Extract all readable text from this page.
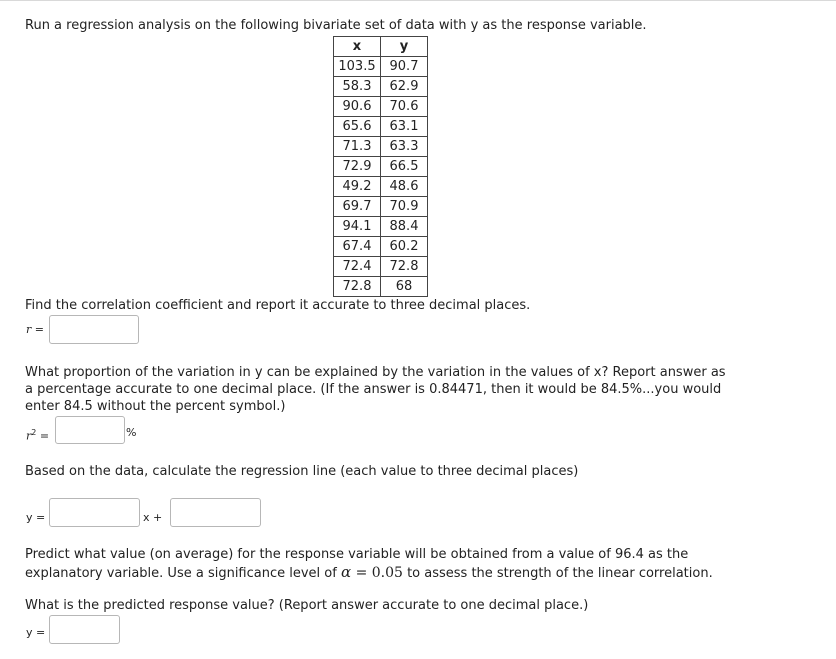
Run a regression analysis on the following bivariate set of data with y as the response variable.
x	y
103.5	90.7
58.3	62.9
90.6	70.6
65.6	63.1
71.3	63.3
72.9	66.5
49.2	48.6
69.7	70.9
94.1	88.4
67.4	60.2
72.4	72.8
72.8	68
Find the correlation coefficient and report it accurate to three decimal places.
r =
What proportion of the variation in y can be explained by the variation in the values of x? Report answer as
a percentage accurate to one decimal place. (If the answer is 0.84471, then it would be 84.5%...you would
enter 84.5 without the percent symbol.)
$r^2$ =	%
Based on the data, calculate the regression line (each value to three decimal places)
y =	x +
Predict what value (on average) for the response variable will be obtained from a value of 96.4 as the
explanatory variable. Use a significance level of α = 0.05 to assess the strength of the linear correlation.
What is the predicted response value? (Report answer accurate to one decimal place.)
y =
